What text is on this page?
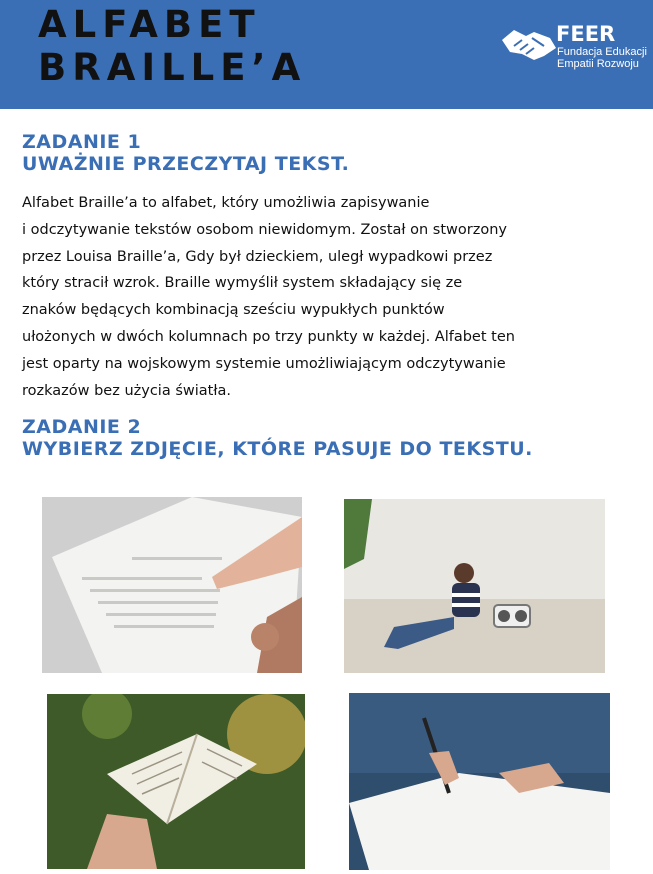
ALFABET
BRAILLE’A
FEER
Fundacja Edukacji
Empatii Rozwoju
ZADANIE 1
UWAŻNIE PRZECZYTAJ TEKST.

Alfabet Braille’a to alfabet, który umożliwia zapisywanie
i odczytywanie tekstów osobom niewidomym. Został on stworzony
przez Louisa Braille’a, Gdy był dzieckiem, uległ wypadkowi przez
który stracił wzrok. Braille wymyślił system składający się ze
znaków będących kombinacją sześciu wypukłych punktów
ułożonych w dwóch kolumnach po trzy punkty w każdej. Alfabet ten
jest oparty na wojskowym systemie umożliwiającym odczytywanie
rozkazów bez użycia światła.

ZADANIE 2
WYBIERZ ZDJĘCIE, KTÓRE PASUJE DO TEKSTU.
